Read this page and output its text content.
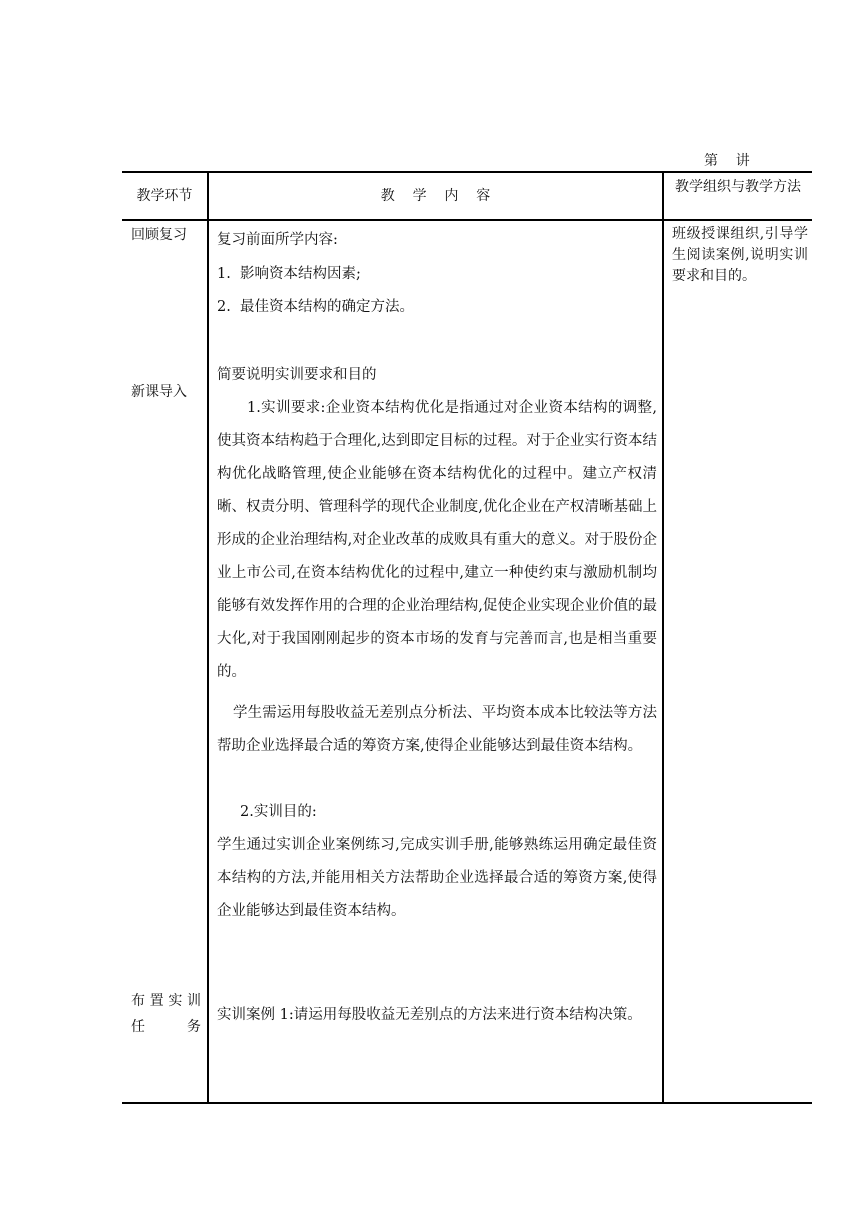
第    讲
教学环节	教    学    内    容
教学组织与教学方法
回顾复习
新课导入
布 置 实 训 任务
复习前面所学内容:
1.  影响资本结构因素;
2.  最佳资本结构的确定方法。
简要说明实训要求和目的
1.实训要求:企业资本结构优化是指通过对企业资本结构的调整,使其资本结构趋于合理化,达到即定目标的过程。对于企业实行资本结构优化战略管理,使企业能够在资本结构优化的过程中。建立产权清晰、权责分明、管理科学的现代企业制度,优化企业在产权清晰基础上形成的企业治理结构,对企业改革的成败具有重大的意义。对于股份企业上市公司,在资本结构优化的过程中,建立一种使约束与激励机制均能够有效发挥作用的合理的企业治理结构,促使企业实现企业价值的最大化,对于我国刚刚起步的资本市场的发育与完善而言,也是相当重要的。
学生需运用每股收益无差别点分析法、平均资本成本比较法等方法帮助企业选择最合适的筹资方案,使得企业能够达到最佳资本结构。
2.实训目的:
学生通过实训企业案例练习,完成实训手册,能够熟练运用确定最佳资本结构的方法,并能用相关方法帮助企业选择最合适的筹资方案,使得企业能够达到最佳资本结构。
实训案例 1:请运用每股收益无差别点的方法来进行资本结构决策。
班级授课组织,引导学生阅读案例,说明实训要求和目的。
